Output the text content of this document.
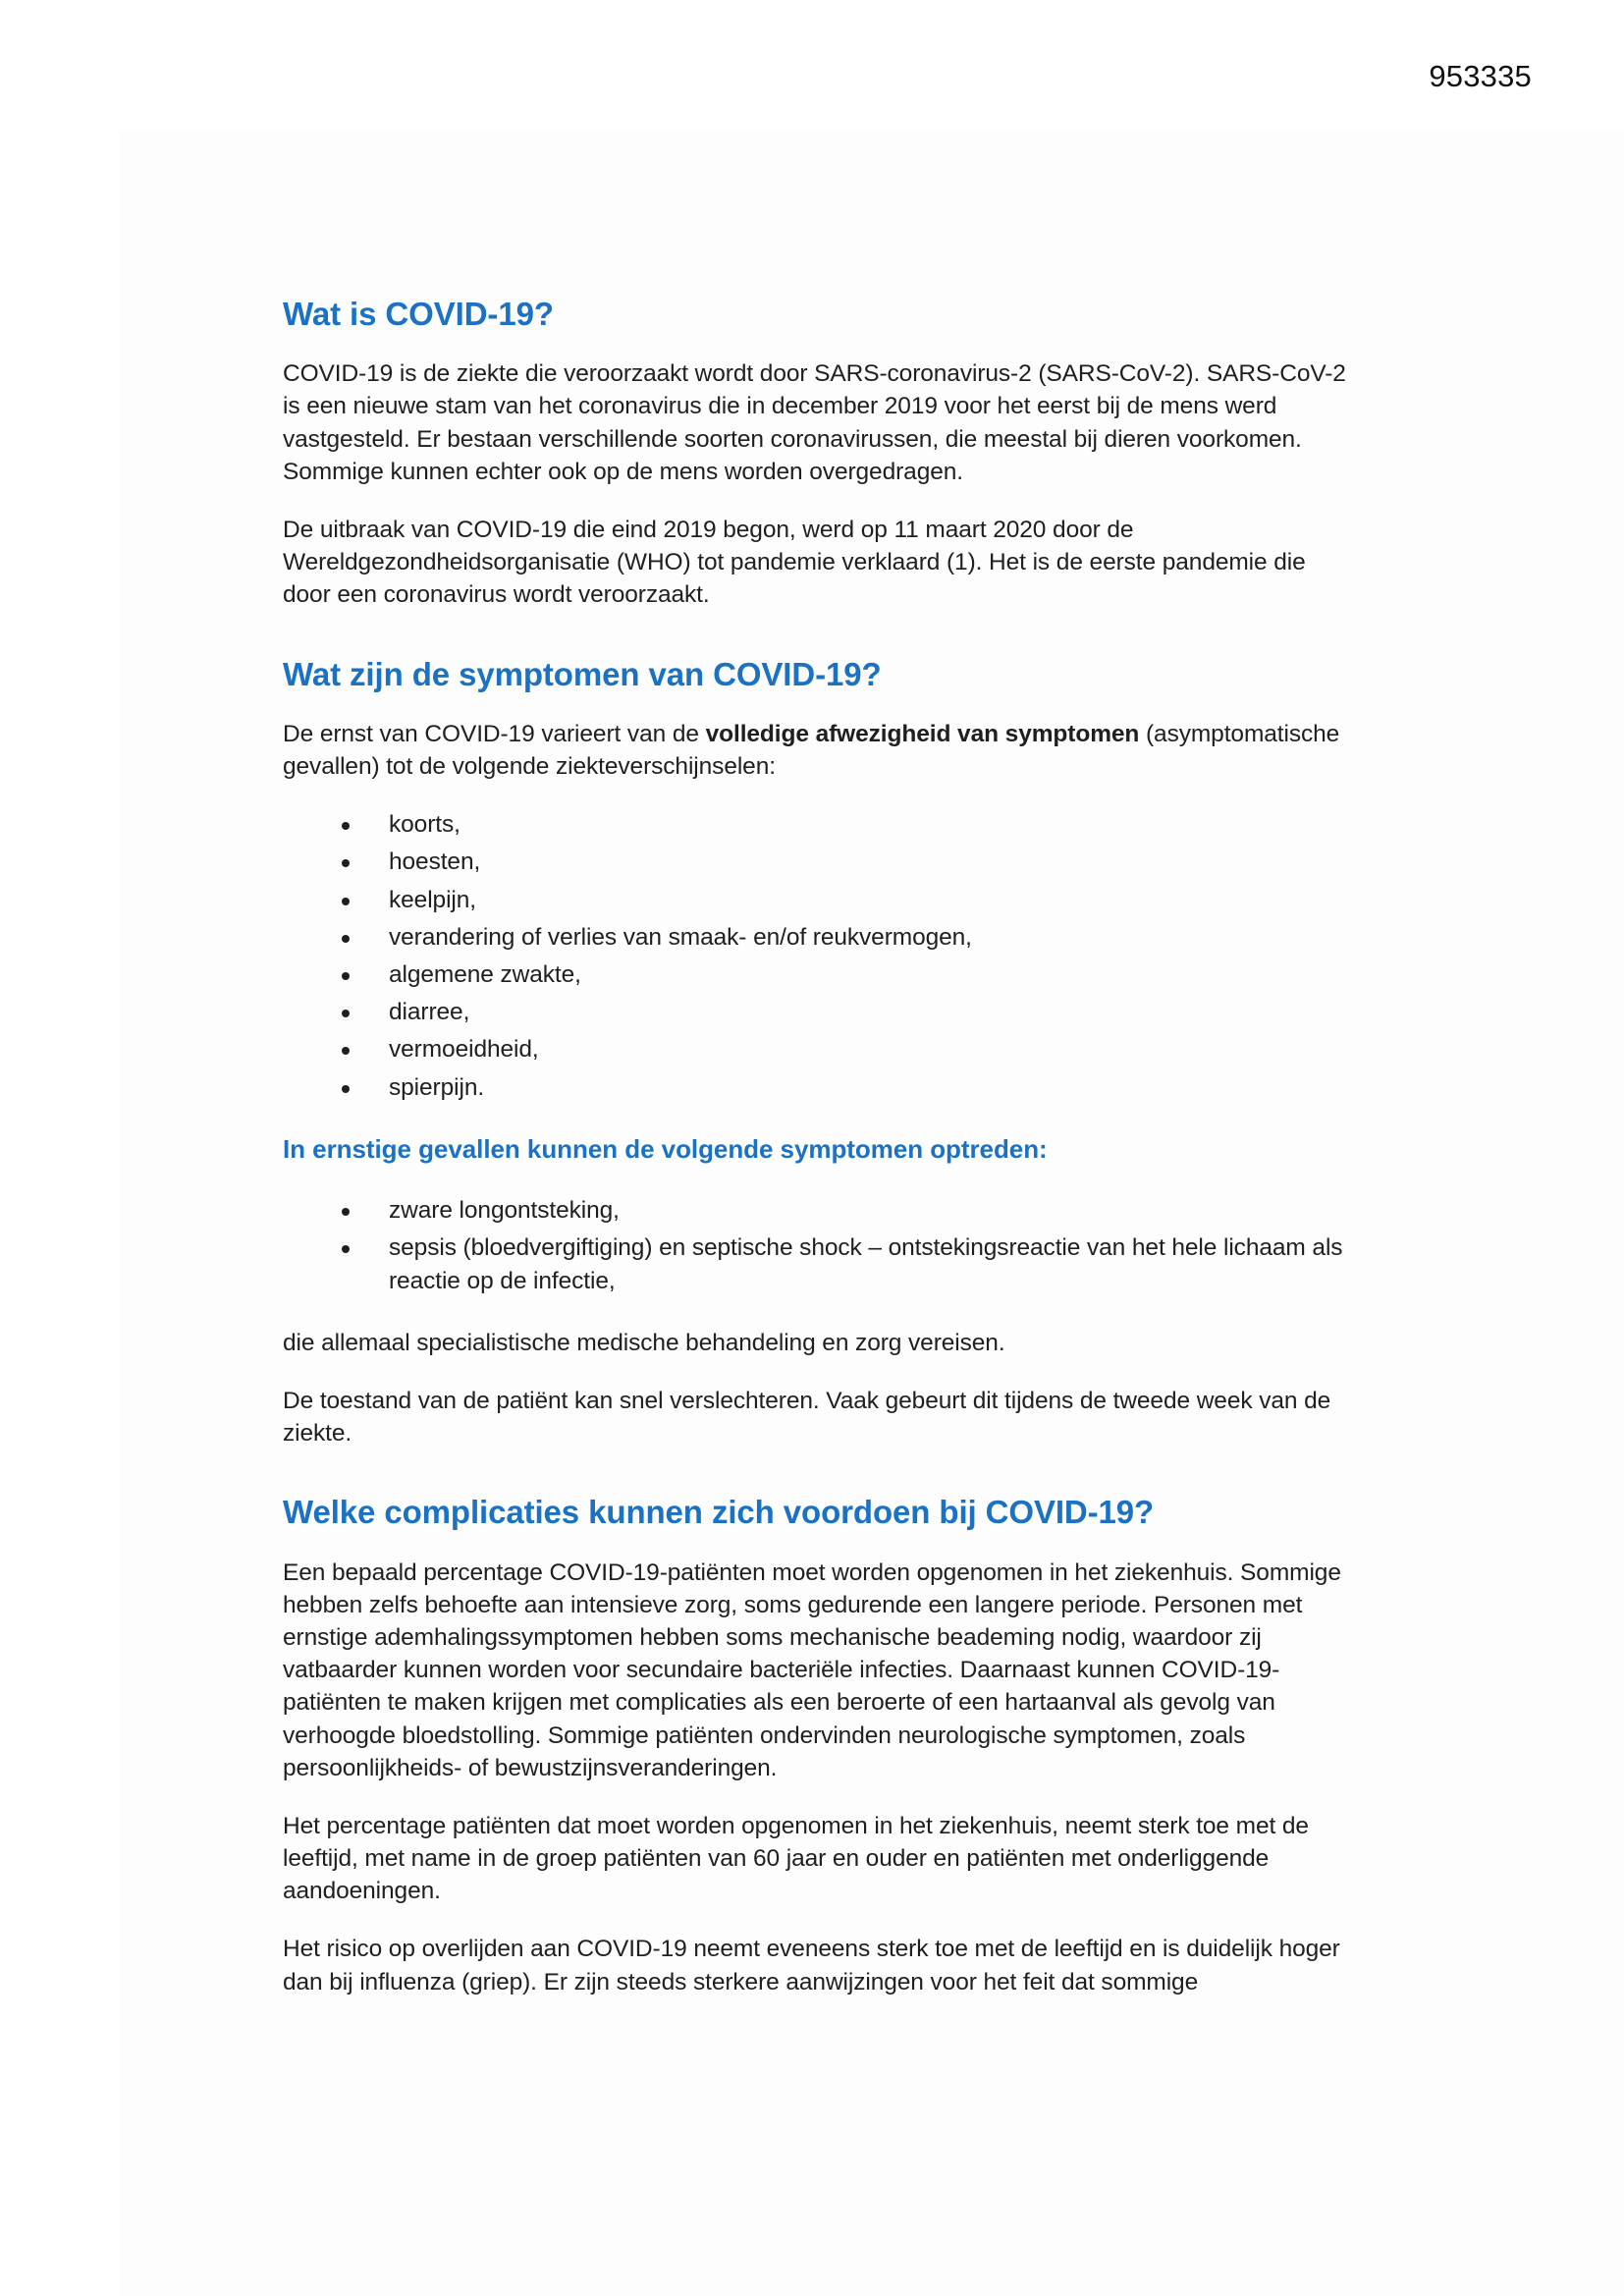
953335
Wat is COVID-19?

COVID-19 is de ziekte die veroorzaakt wordt door SARS-coronavirus-2 (SARS-CoV-2). SARS-CoV-2 is een nieuwe stam van het coronavirus die in december 2019 voor het eerst bij de mens werd vastgesteld. Er bestaan verschillende soorten coronavirussen, die meestal bij dieren voorkomen. Sommige kunnen echter ook op de mens worden overgedragen.

De uitbraak van COVID-19 die eind 2019 begon, werd op 11 maart 2020 door de Wereldgezondheidsorganisatie (WHO) tot pandemie verklaard (1). Het is de eerste pandemie die door een coronavirus wordt veroorzaakt.

Wat zijn de symptomen van COVID-19?

De ernst van COVID-19 varieert van de volledige afwezigheid van symptomen (asymptomatische gevallen) tot de volgende ziekteverschijnselen:

koorts,
hoesten,
keelpijn,
verandering of verlies van smaak- en/of reukvermogen,
algemene zwakte,
diarree,
vermoeidheid,
spierpijn.
In ernstige gevallen kunnen de volgende symptomen optreden:
zware longontsteking,
sepsis (bloedvergiftiging) en septische shock – ontstekingsreactie van het hele lichaam als reactie op de infectie,

die allemaal specialistische medische behandeling en zorg vereisen.

De toestand van de patiënt kan snel verslechteren. Vaak gebeurt dit tijdens de tweede week van de ziekte.

Welke complicaties kunnen zich voordoen bij COVID-19?

Een bepaald percentage COVID-19-patiënten moet worden opgenomen in het ziekenhuis. Sommige hebben zelfs behoefte aan intensieve zorg, soms gedurende een langere periode. Personen met ernstige ademhalingssymptomen hebben soms mechanische beademing nodig, waardoor zij vatbaarder kunnen worden voor secundaire bacteriële infecties. Daarnaast kunnen COVID-19-patiënten te maken krijgen met complicaties als een beroerte of een hartaanval als gevolg van verhoogde bloedstolling. Sommige patiënten ondervinden neurologische symptomen, zoals persoonlijkheids- of bewustzijnsveranderingen.

Het percentage patiënten dat moet worden opgenomen in het ziekenhuis, neemt sterk toe met de leeftijd, met name in de groep patiënten van 60 jaar en ouder en patiënten met onderliggende aandoeningen.

Het risico op overlijden aan COVID-19 neemt eveneens sterk toe met de leeftijd en is duidelijk hoger dan bij influenza (griep). Er zijn steeds sterkere aanwijzingen voor het feit dat sommige
